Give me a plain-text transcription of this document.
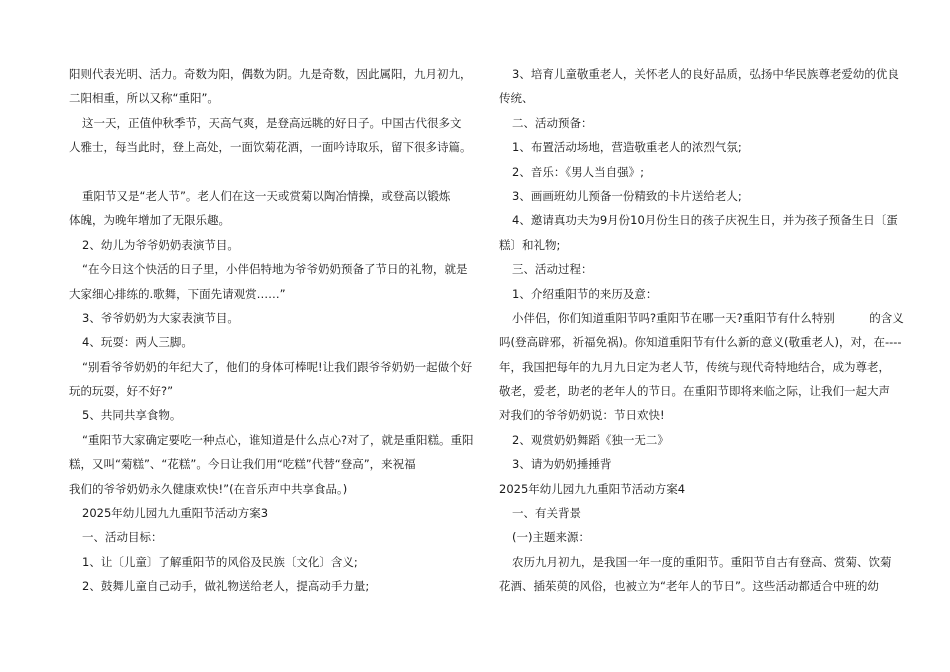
阳则代表光明、活力。奇数为阳，偶数为阴。九是奇数，因此属阳，九月初九，
二阳相重，所以又称“重阳”。
这一天，正值仲秋季节，天高气爽，是登高远眺的好日子。中国古代很多文
人雅士，每当此时，登上高处，一面饮菊花酒，一面吟诗取乐，留下很多诗篇。
重阳节又是“老人节”。老人们在这一天或赏菊以陶冶情操，或登高以锻炼
体魄，为晚年增加了无限乐趣。
2、幼儿为爷爷奶奶表演节目。
“在今日这个快活的日子里，小伴侣特地为爷爷奶奶预备了节日的礼物，就是
大家细心排练的.歌舞，下面先请观赏……”
3、爷爷奶奶为大家表演节目。
4、玩耍：两人三脚。
“别看爷爷奶奶的年纪大了，他们的身体可棒呢!让我们跟爷爷奶奶一起做个好
玩的玩耍，好不好?”
5、共同共享食物。
“重阳节大家确定要吃一种点心，谁知道是什么点心?对了，就是重阳糕。重阳
糕，又叫“菊糕”、“花糕”。今日让我们用“吃糕”代替“登高”，来祝福
我们的爷爷奶奶永久健康欢快!”(在音乐声中共享食品。)
2025年幼儿园九九重阳节活动方案3
一、活动目标：
1、让〔儿童〕了解重阳节的风俗及民族〔文化〕含义;
2、鼓舞儿童自己动手，做礼物送给老人，提高动手力量;
3、培育儿童敬重老人，关怀老人的良好品质，弘扬中华民族尊老爱幼的优良
传统、
二、活动预备：
1、布置活动场地，营造敬重老人的浓烈气氛;
2、音乐：《男人当自强》;
3、画画班幼儿预备一份精致的卡片送给老人;
4、邀请真功夫为9月份10月份生日的孩子庆祝生日，并为孩子预备生日〔蛋
糕〕和礼物;
三、活动过程：
1、介绍重阳节的来历及意：
小伴侣，你们知道重阳节吗?重阳节在哪一天?重阳节有什么特别　　　的含义
吗(登高辟邪，祈福免祸)。你知道重阳节有什么新的意义(敬重老人)，对，在----
年，我国把每年的九月九日定为老人节，传统与现代奇特地结合，成为尊老，
敬老，爱老，助老的老年人的节日。在重阳节即将来临之际，让我们一起大声
对我们的爷爷奶奶说：节日欢快!
2、观赏奶奶舞蹈《独一无二》
3、请为奶奶捶捶背
2025年幼儿园九九重阳节活动方案4
一、有关背景
(一)主题来源：
农历九月初九，是我国一年一度的重阳节。重阳节自古有登高、赏菊、饮菊
花酒、插茱萸的风俗，也被立为“老年人的节日”。这些活动都适合中班的幼
